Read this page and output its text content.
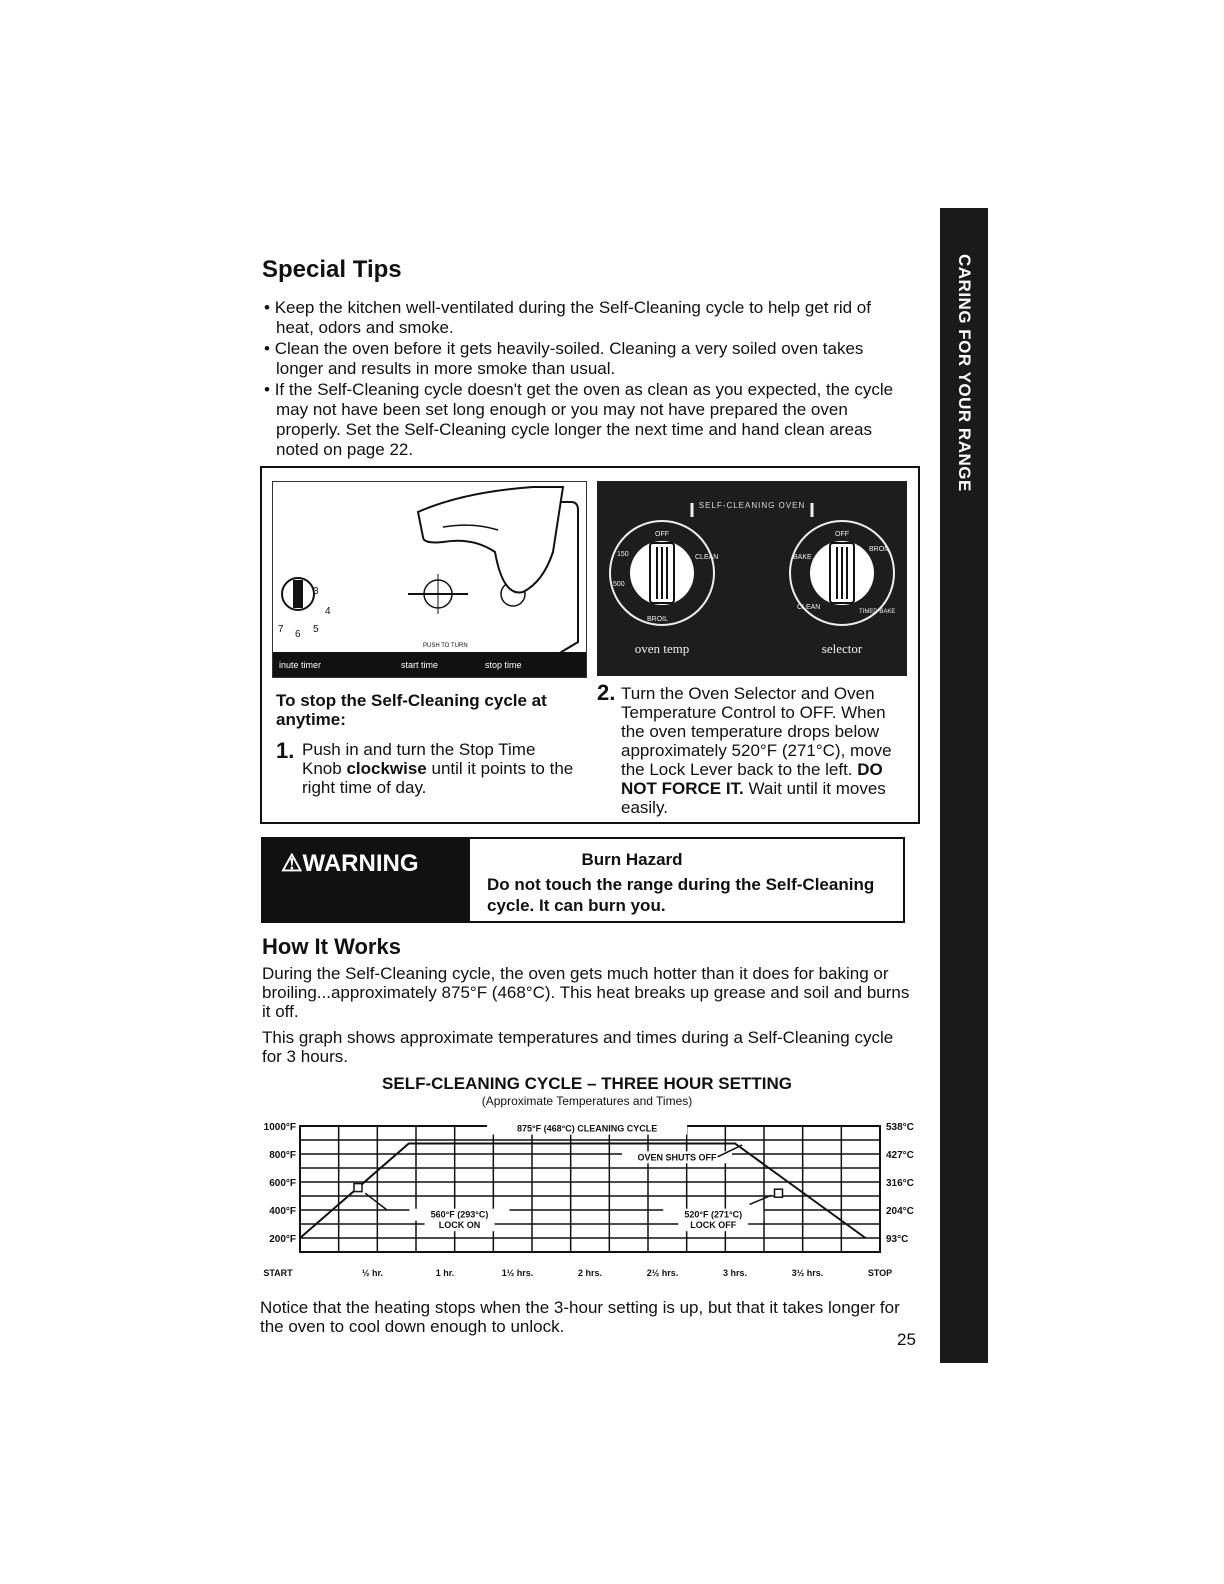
CARING FOR YOUR RANGE
Special Tips
• Keep the kitchen well-ventilated during the Self-Cleaning cycle to help get rid of heat, odors and smoke.
• Clean the oven before it gets heavily-soiled. Cleaning a very soiled oven takes longer and results in more smoke than usual.
• If the Self-Cleaning cycle doesn't get the oven as clean as you expected, the cycle may not have been set long enough or you may not have prepared the oven properly. Set the Self-Cleaning cycle longer the next time and hand clean areas noted on page 22.
3
4
5
7 6
PUSH TO TURN
inute timer	start time	stop time
SELF-CLEANING OVEN
OFF
CLEAN
BROIL
500
150
OFF
BROIL
TIMED BAKE
CLEAN
BAKE
oven temp	selector
To stop the Self-Cleaning cycle at anytime:
1. Push in and turn the Stop Time Knob clockwise until it points to the right time of day.
2. Turn the Oven Selector and Oven Temperature Control to OFF. When the oven temperature drops below approximately 520°F (271°C), move the Lock Lever back to the left. DO NOT FORCE IT. Wait until it moves easily.
⚠WARNING	Burn Hazard
Do not touch the range during the Self-Cleaning cycle. It can burn you.
How It Works
During the Self-Cleaning cycle, the oven gets much hotter than it does for baking or broiling...approximately 875°F (468°C). This heat breaks up grease and soil and burns it off.
This graph shows approximate temperatures and times during a Self-Cleaning cycle for 3 hours.
SELF-CLEANING CYCLE – THREE HOUR SETTING
(Approximate Temperatures and Times)
1000°F	538°C
800°F	427°C
600°F	316°C
400°F	204°C
200°F	93°C
START	½ hr.	1 hr.	1½ hrs.	2 hrs.	2½ hrs.	3 hrs.	3½ hrs.	STOP
875°F (468°C) CLEANING CYCLE
OVEN SHUTS OFF
560°F (293°C)
LOCK ON
520°F (271°C)
LOCK OFF
Notice that the heating stops when the 3-hour setting is up, but that it takes longer for the oven to cool down enough to unlock.
25
